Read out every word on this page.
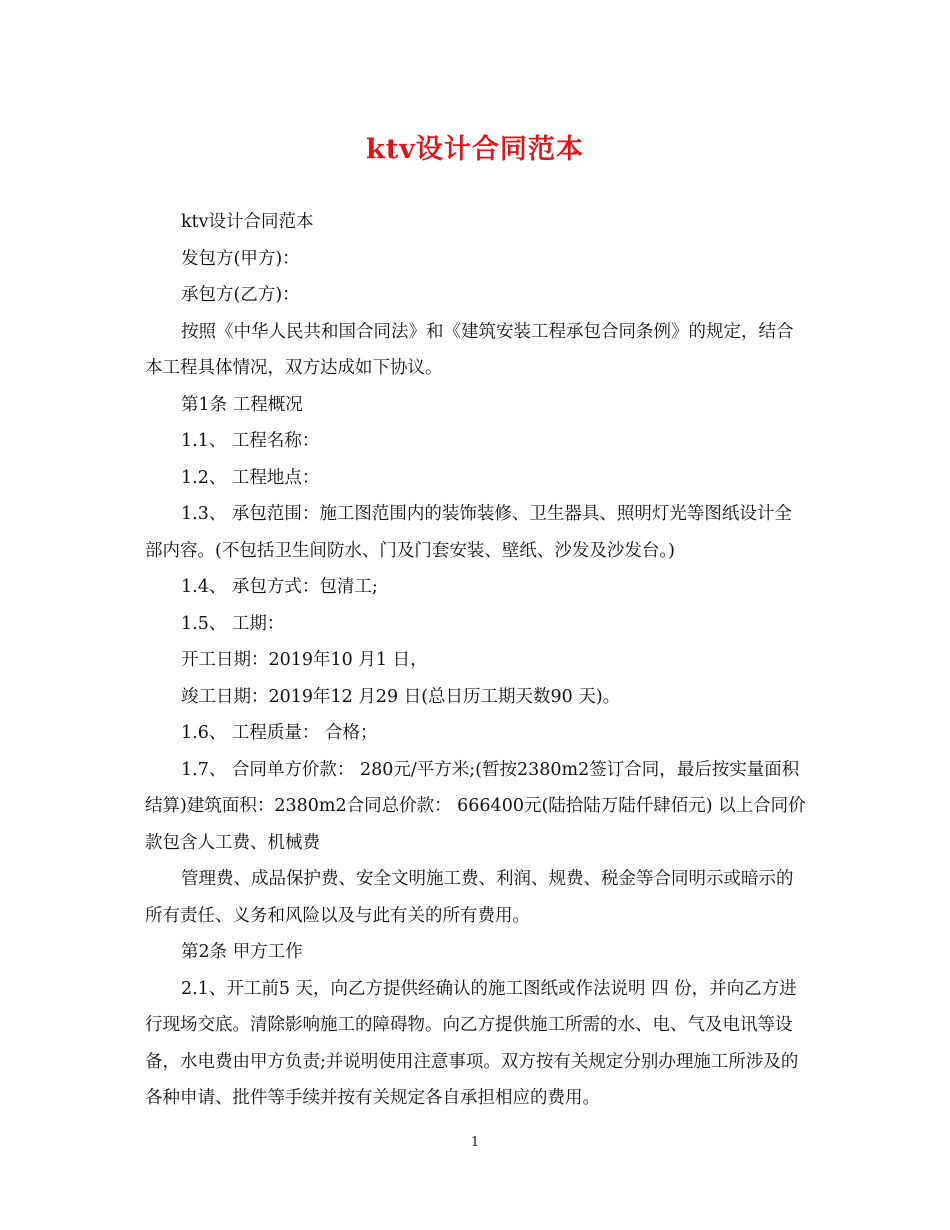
ktv设计合同范本

ktv设计合同范本

发包方(甲方)：

承包方(乙方)：

按照《中华人民共和国合同法》和《建筑安装工程承包合同条例》的规定，结合本工程具体情况，双方达成如下协议。

第1条 工程概况

1.1、 工程名称：

1.2、 工程地点：

1.3、 承包范围：施工图范围内的装饰装修、卫生器具、照明灯光等图纸设计全部内容。(不包括卫生间防水、门及门套安装、壁纸、沙发及沙发台。)

1.4、 承包方式：包清工;

1.5、 工期：

开工日期：2019年10 月1 日，

竣工日期：2019年12 月29 日(总日历工期天数90 天)。

1.6、 工程质量： 合格；

1.7、 合同单方价款： 280元/平方米;(暂按2380m2签订合同，最后按实量面积结算)建筑面积：2380m2合同总价款： 666400元(陆拾陆万陆仟肆佰元) 以上合同价款包含人工费、机械费

管理费、成品保护费、安全文明施工费、利润、规费、税金等合同明示或暗示的所有责任、义务和风险以及与此有关的所有费用。

第2条 甲方工作

2.1、开工前5 天，向乙方提供经确认的施工图纸或作法说明 四 份，并向乙方进行现场交底。清除影响施工的障碍物。向乙方提供施工所需的水、电、气及电讯等设备，水电费由甲方负责;并说明使用注意事项。双方按有关规定分别办理施工所涉及的各种申请、批件等手续并按有关规定各自承担相应的费用。

1
